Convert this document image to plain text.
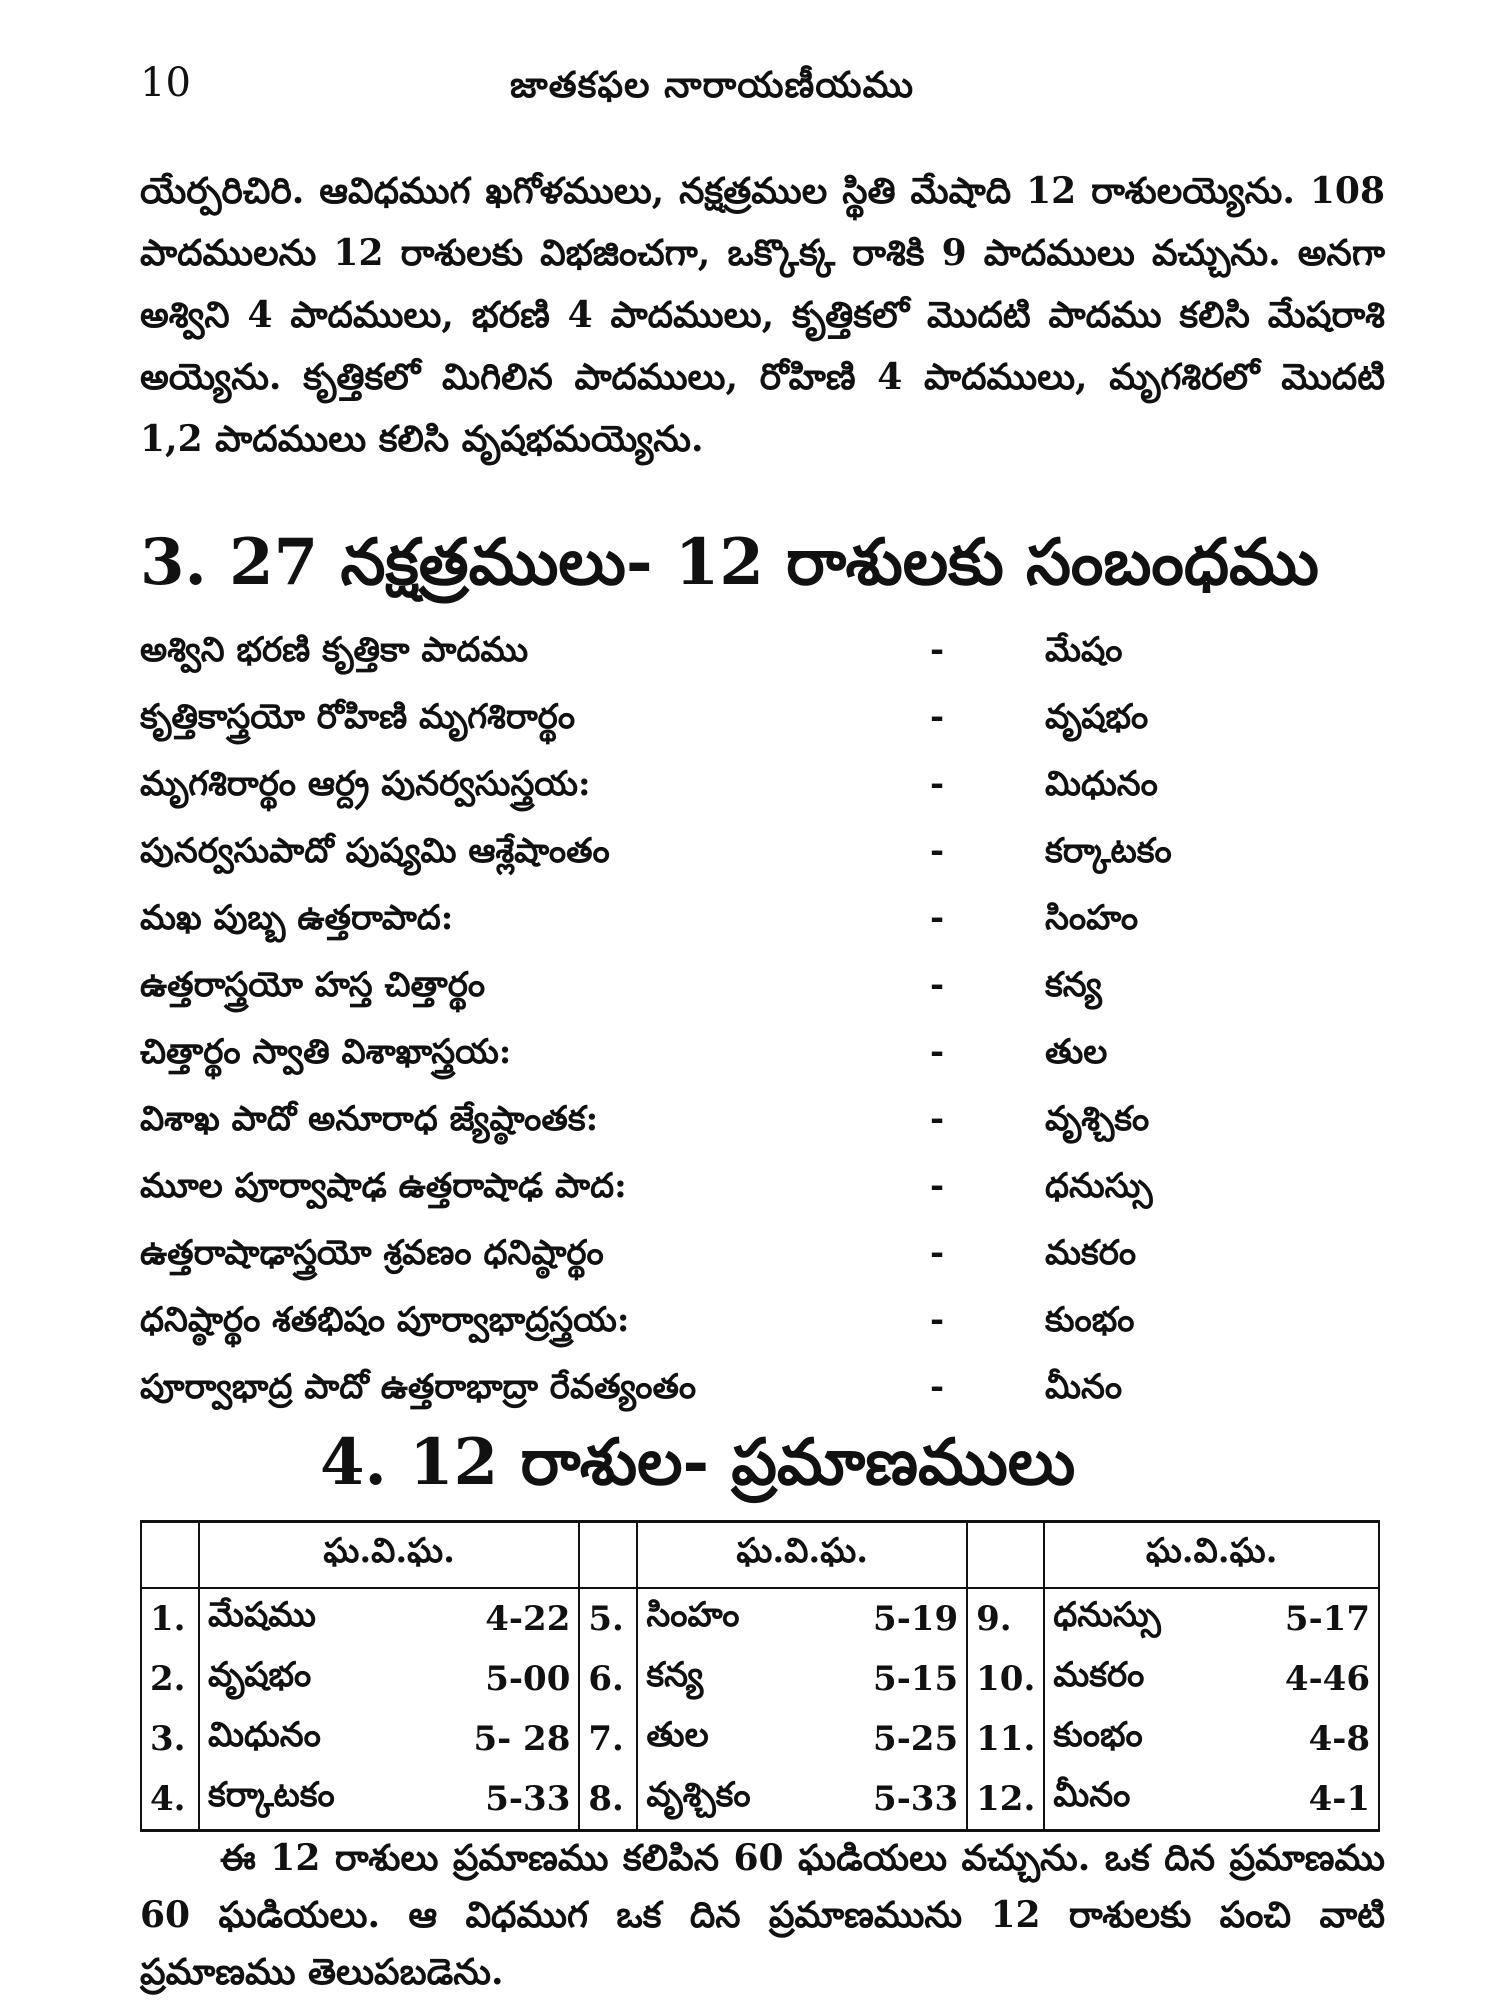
10	జాతకఫల నారాయణీయము

యేర్పరిచిరి. ఆవిధముగ ఖగోళములు, నక్షత్రముల స్థితి మేషాది 12 రాశులయ్యెను. 108 పాదములను 12 రాశులకు విభజించగా, ఒక్కొక్క రాశికి 9 పాదములు వచ్చును. అనగా అశ్విని 4 పాదములు, భరణి 4 పాదములు, కృత్తికలో మొదటి పాదము కలిసి మేషరాశి అయ్యెను. కృత్తికలో మిగిలిన పాదములు, రోహిణి 4 పాదములు, మృగశిరలో మొదటి 1,2 పాదములు కలిసి వృషభమయ్యెను.

3. 27 నక్షత్రములు- 12 రాశులకు సంబంధము
అశ్విని భరణి కృత్తికా పాదము	-	మేషం
కృత్తికాస్త్రయో రోహిణి మృగశిరార్థం	-	వృషభం
మృగశిరార్థం ఆర్ద్ర పునర్వసుస్త్రయ:	-	మిధునం
పునర్వసుపాదో పుష్యమి ఆశ్లేషాంతం	-	కర్కాటకం
మఖ పుబ్బ ఉత్తరాపాద:	-	సింహం
ఉత్తరాస్త్రయో హస్త చిత్తార్థం	-	కన్య
చిత్తార్థం స్వాతి విశాఖాస్త్రయ:	-	తుల
విశాఖ పాదో అనూరాధ జ్యేష్ఠాంతక:	-	వృశ్చికం
మూల పూర్వాషాఢ ఉత్తరాషాఢ పాద:	-	ధనుస్సు
ఉత్తరాషాఢాస్త్రయో శ్రవణం ధనిష్ఠార్థం	-	మకరం
ధనిష్ఠార్థం శతభిషం పూర్వాభాద్రస్త్రయ:	-	కుంభం
పూర్వాభాద్ర పాదో ఉత్తరాభాద్రా రేవత్యంతం	-	మీనం
4. 12 రాశుల- ప్రమాణములు
	ఘ.వి.ఘ.			ఘ.వి.ఘ.			ఘ.వి.ఘ.	
1.	మేషము	4-22	5.	సింహం	5-19	9.	ధనుస్సు	5-17
2.	వృషభం	5-00	6.	కన్య	5-15	10.	మకరం	4-46
3.	మిధునం	5- 28	7.	తుల	5-25	11.	కుంభం	4-8
4.	కర్కాటకం	5-33	8.	వృశ్చికం	5-33	12.	మీనం	4-1

ఈ 12 రాశులు ప్రమాణము కలిపిన 60 ఘడియలు వచ్చును. ఒక దిన ప్రమాణము 60 ఘడియలు. ఆ విధముగ ఒక దిన ప్రమాణమును 12 రాశులకు పంచి వాటి ప్రమాణము తెలుపబడెను.
